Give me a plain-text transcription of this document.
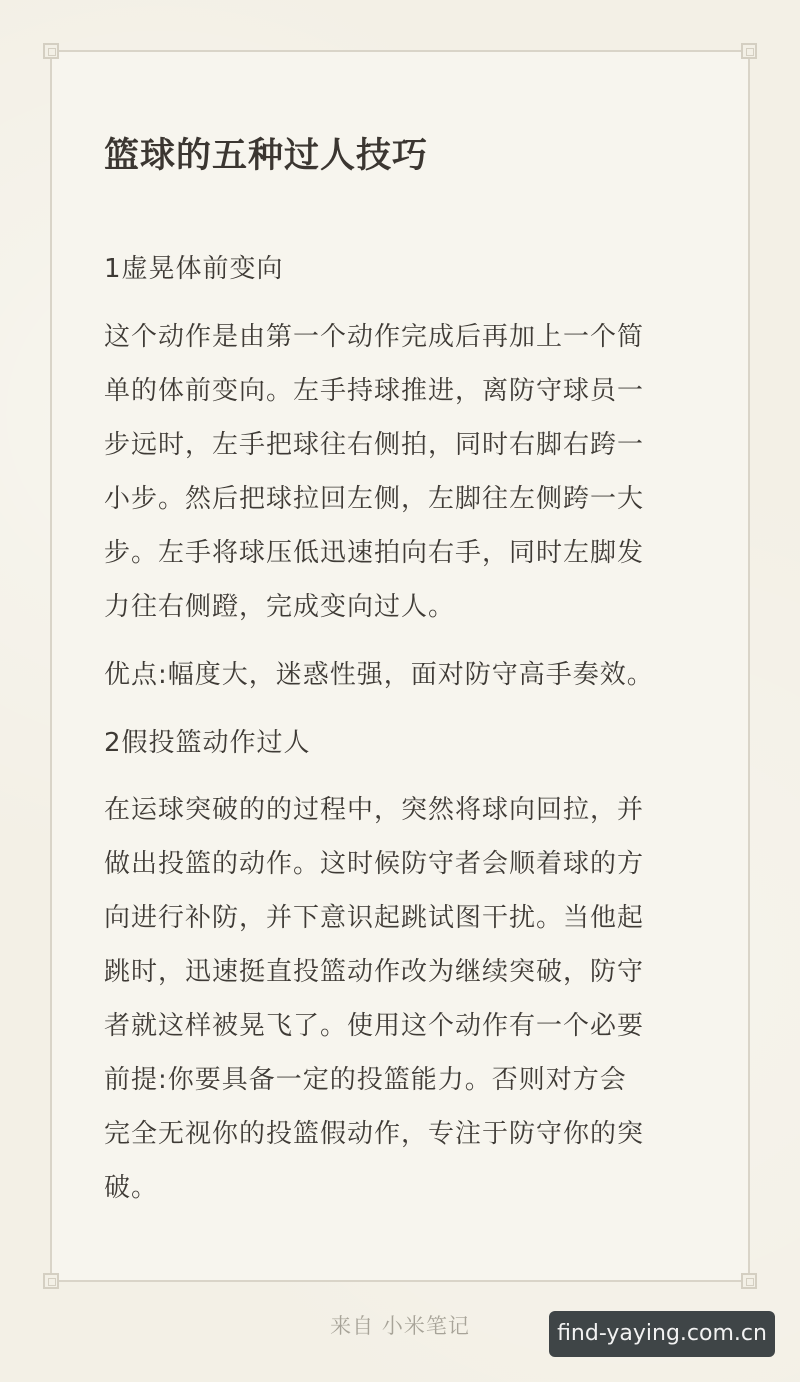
篮球的五种过人技巧
1虚晃体前变向
这个动作是由第一个动作完成后再加上一个简
单的体前变向。左手持球推进，离防守球员一
步远时，左手把球往右侧拍，同时右脚右跨一
小步。然后把球拉回左侧，左脚往左侧跨一大
步。左手将球压低迅速拍向右手，同时左脚发
力往右侧蹬，完成变向过人。
优点:幅度大，迷惑性强，面对防守高手奏效。
2假投篮动作过人
在运球突破的的过程中，突然将球向回拉，并
做出投篮的动作。这时候防守者会顺着球的方
向进行补防，并下意识起跳试图干扰。当他起
跳时，迅速挺直投篮动作改为继续突破，防守
者就这样被晃飞了。使用这个动作有一个必要
前提:你要具备一定的投篮能力。否则对方会
完全无视你的投篮假动作，专注于防守你的突
破。
来自 小米笔记	find-yaying.com.cn
